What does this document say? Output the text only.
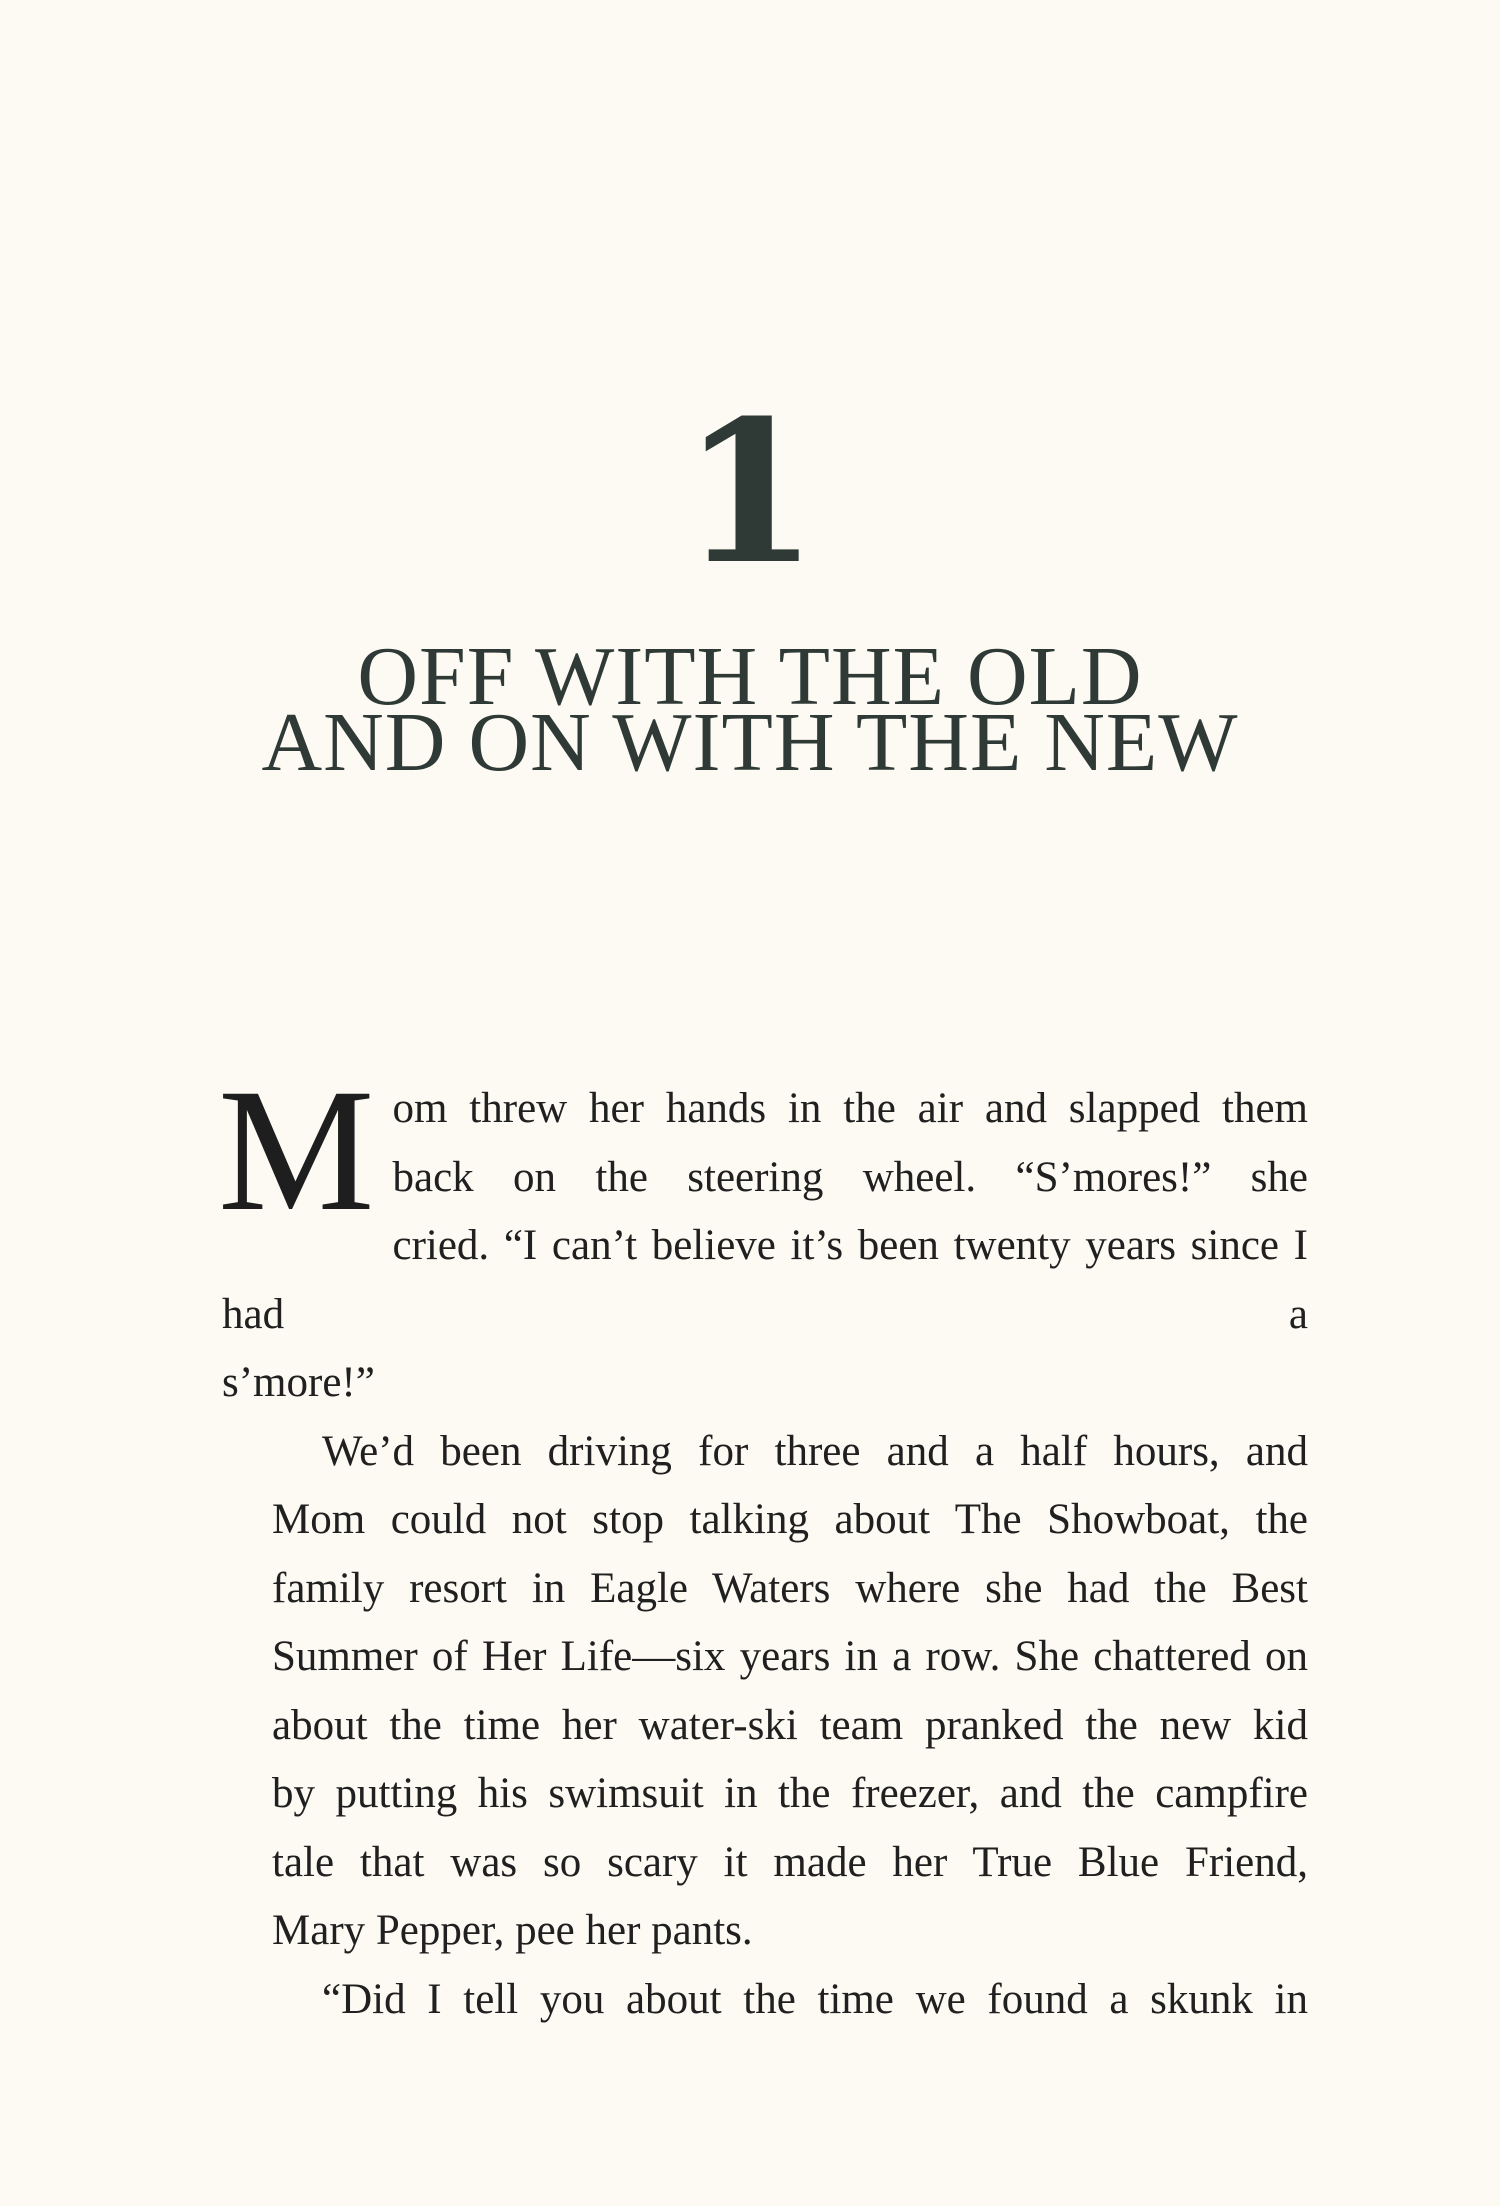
1
OFF WITH THE OLD
AND ON WITH THE NEW

M om threw her hands in the air and slapped them
back on the steering wheel. “S’mores!” she
cried. “I can’t believe it’s been twenty years since I had a
s’more!”

We’d been driving for three and a half hours, and
Mom could not stop talking about The Showboat, the
family resort in Eagle Waters where she had the Best
Summer of Her Life—six years in a row. She chattered on
about the time her water-ski team pranked the new kid
by putting his swimsuit in the freezer, and the campfire
tale that was so scary it made her True Blue Friend,
Mary Pepper, pee her pants.

“Did I tell you about the time we found a skunk in
